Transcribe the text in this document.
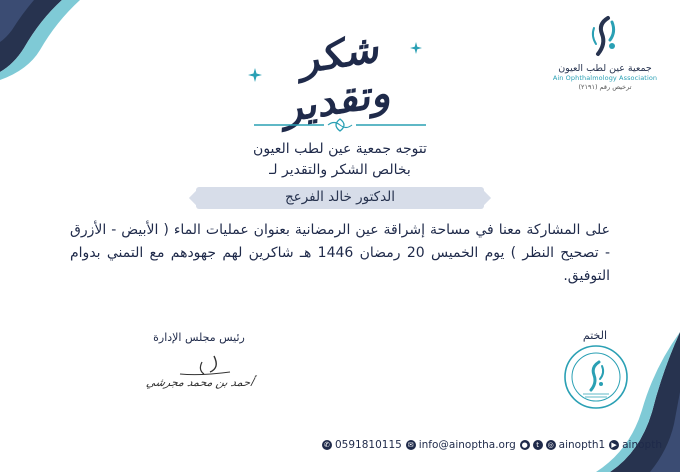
جمعية عين لطب العيون
Ain Ophthalmology Association
ترخيص رقم (٢١٩١)
شكر وتقدير
تتوجه جمعية عين لطب العيون
بخالص الشكر والتقدير لـ
الدكتور خالد الفرعج
على المشاركة معنا في مساحة إشراقة عين الرمضانية بعنوان عمليات الماء ( الأبيض - الأزرق - تصحيح النظر ) يوم الخميس 20 رمضان 1446 هـ شاكرين لهم جهودهم مع التمني بدوام التوفيق.
رئيس مجلس الإدارة
أحمد بن محمد مجرشي
الختم
✆ 0591810115 ✉ info@ainoptha.org ●	t	◎ ainopth1 ▶ ainopth
